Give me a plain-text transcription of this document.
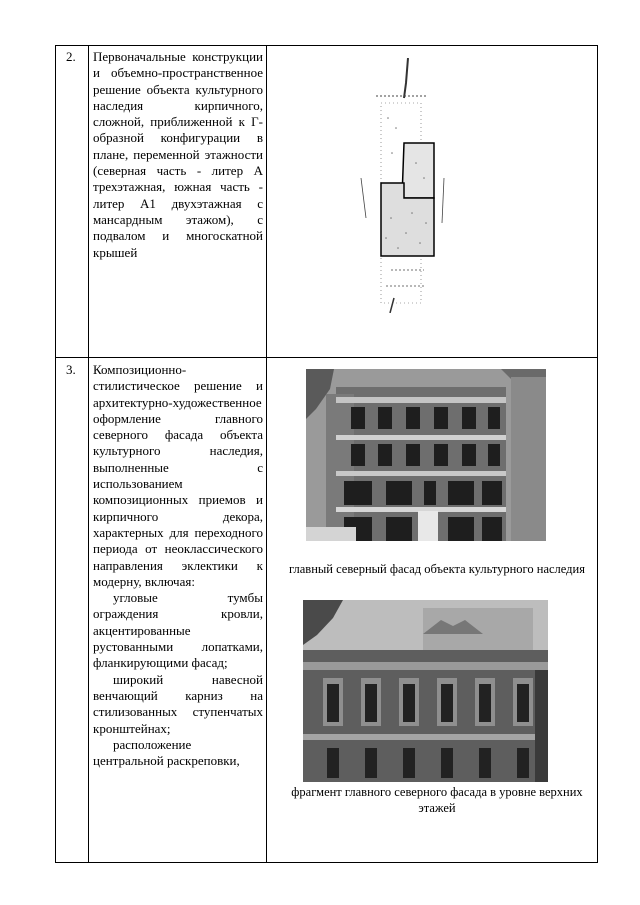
2. Первоначальные конструкции и объемно-пространственное решение объекта культурного наследия кирпичного, сложной, приближенной к Г-образной конфигурации в плане, переменной этажности (северная часть - литер А трехэтажная, южная часть - литер А1 двухэтажная с мансардным этажом), с подвалом и многоскатной крышей
3. Композиционно-стилистическое решение и архитектурно-художественное оформление главного северного фасада объекта культурного наследия, выполненные с использованием композиционных приемов и кирпичного декора, характерных для переходного периода от неоклассического направления эклектики к модерну, включая:

угловые тумбы ограждения кровли, акцентированные рустованными лопатками, фланкирующими фасад;

широкий навесной венчающий карниз на стилизованных ступенчатых кронштейнах;

расположение центральной раскреповки,

главный северный фасад объекта культурного наследия
фрагмент главного северного фасада в уровне верхних этажей
